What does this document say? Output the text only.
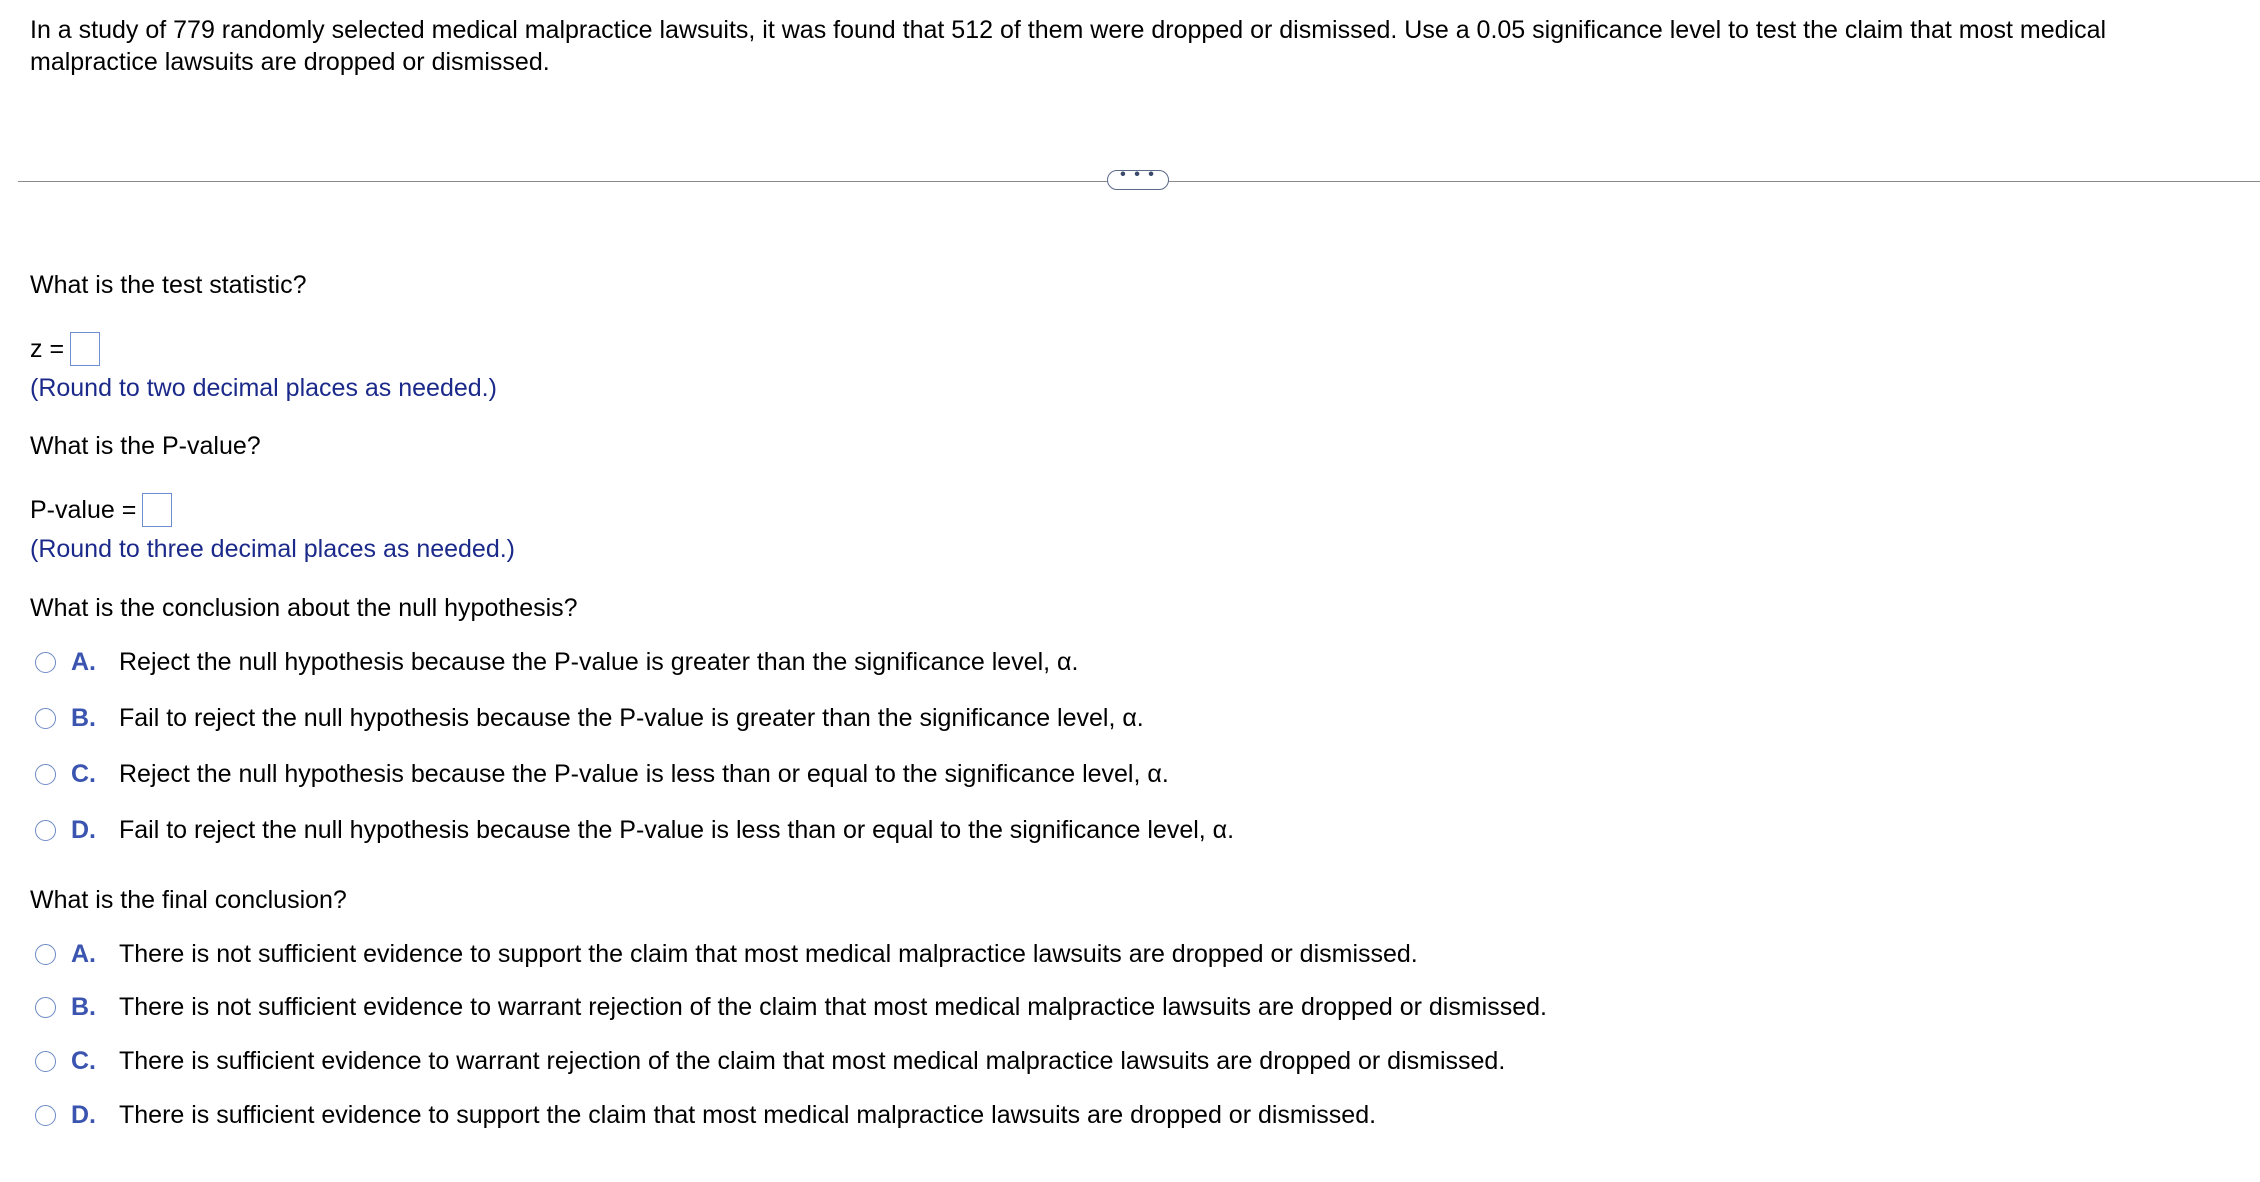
In a study of 779 randomly selected medical malpractice lawsuits, it was found that 512 of them were dropped or dismissed. Use a 0.05 significance level to test the claim that most medical malpractice lawsuits are dropped or dismissed.
• • •
What is the test statistic?
z =
(Round to two decimal places as needed.)
What is the P-value?
P-value =
(Round to three decimal places as needed.)
What is the conclusion about the null hypothesis?
A. Reject the null hypothesis because the P-value is greater than the significance level, α.
B. Fail to reject the null hypothesis because the P-value is greater than the significance level, α.
C. Reject the null hypothesis because the P-value is less than or equal to the significance level, α.
D. Fail to reject the null hypothesis because the P-value is less than or equal to the significance level, α.
What is the final conclusion?
A. There is not sufficient evidence to support the claim that most medical malpractice lawsuits are dropped or dismissed.
B. There is not sufficient evidence to warrant rejection of the claim that most medical malpractice lawsuits are dropped or dismissed.
C. There is sufficient evidence to warrant rejection of the claim that most medical malpractice lawsuits are dropped or dismissed.
D. There is sufficient evidence to support the claim that most medical malpractice lawsuits are dropped or dismissed.
